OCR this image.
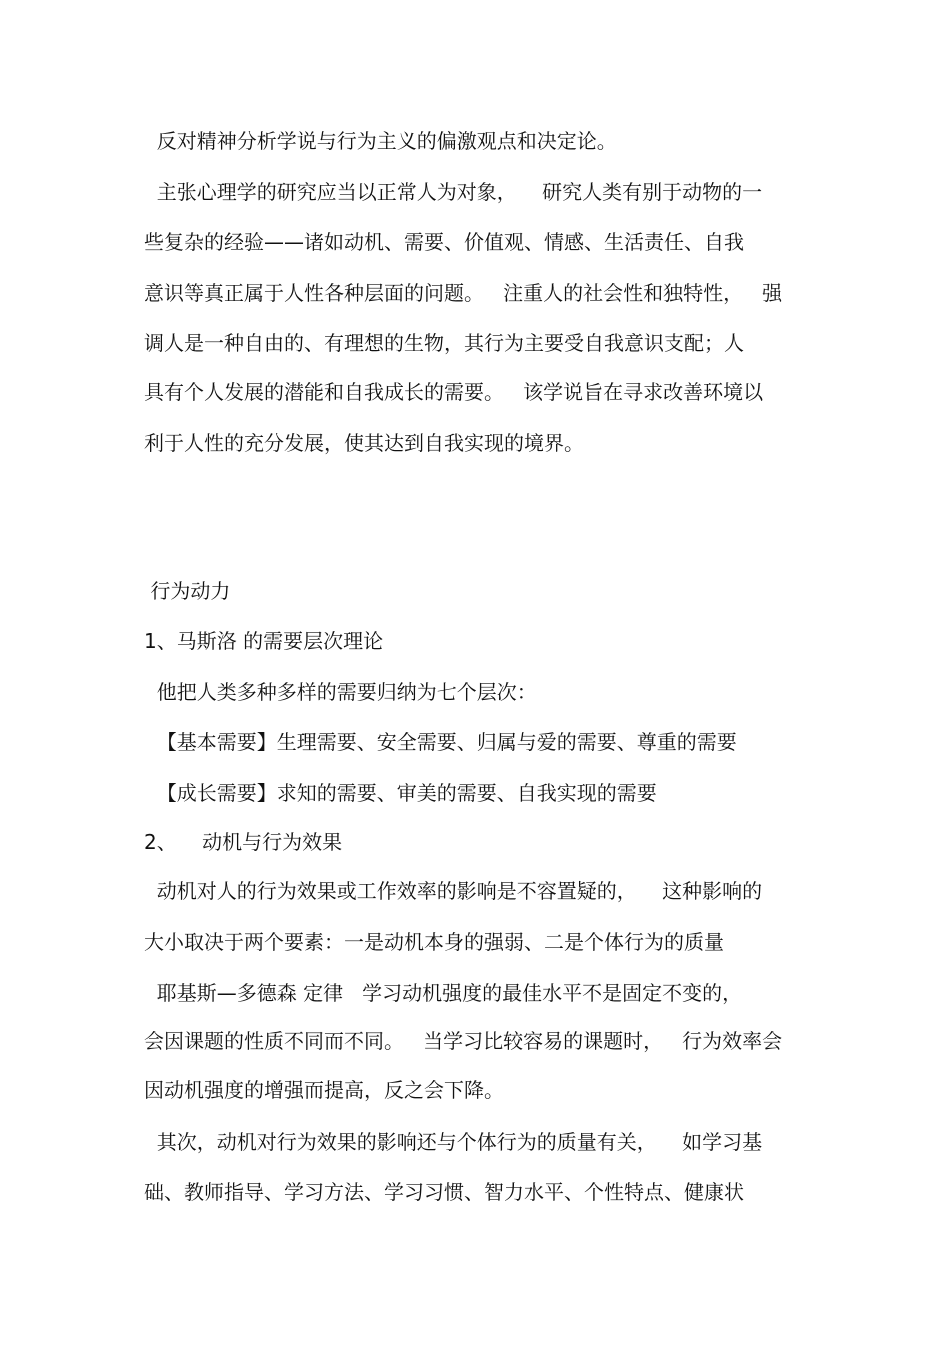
反对精神分析学说与行为主义的偏激观点和决定论。

主张心理学的研究应当以正常人为对象，    研究人类有别于动物的一

些复杂的经验——诸如动机、需要、价值观、情感、生活责任、自我

意识等真正属于人性各种层面的问题。   注重人的社会性和独特性，   强

调人是一种自由的、有理想的生物，其行为主要受自我意识支配；人

具有个人发展的潜能和自我成长的需要。   该学说旨在寻求改善环境以

利于人性的充分发展，使其达到自我实现的境界。

行为动力

1、马斯洛 的需要层次理论

他把人类多种多样的需要归纳为七个层次：

【基本需要】生理需要、安全需要、归属与爱的需要、尊重的需要

【成长需要】求知的需要、审美的需要、自我实现的需要

2、    动机与行为效果

动机对人的行为效果或工作效率的影响是不容置疑的，    这种影响的

大小取决于两个要素：一是动机本身的强弱、二是个体行为的质量

耶基斯—多德森 定律   学习动机强度的最佳水平不是固定不变的，

会因课题的性质不同而不同。   当学习比较容易的课题时，   行为效率会

因动机强度的增强而提高，反之会下降。

其次，动机对行为效果的影响还与个体行为的质量有关，    如学习基

础、教师指导、学习方法、学习习惯、智力水平、个性特点、健康状
